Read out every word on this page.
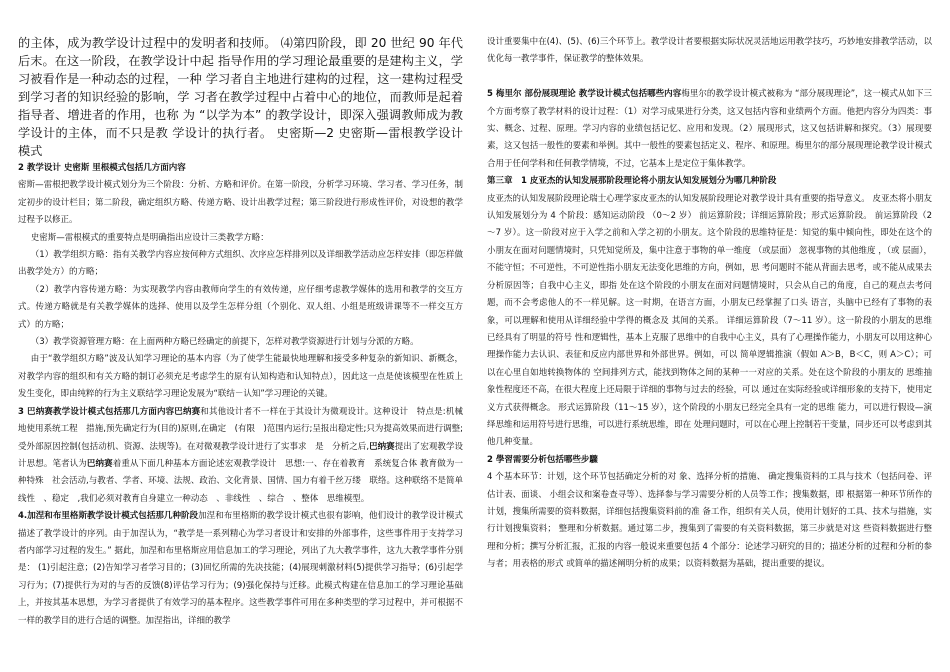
的主体，成为教学设计过程中的发明者和技师。 ⑷第四阶段，即 20 世纪 90 年代后末。在这一阶段，在教学设计中起 指导作用的学习理论最重要的是建构主义，学习被看作是一种动态的过程，一种 学习者自主地进行建构的过程，这一建构过程受到学习者的知识经验的影响，学 习者在教学过程中占着中心的地位，而教师是起着指导者、增进者的作用，也称 为 “以学为本” 的教学设计，即深入强调教师成为教学设计的主体，而不只是教 学设计的执行者。 史密斯—2 史密斯—雷根教学设计模式

2 教学设计 史密斯 里根模式包括几方面内容

密斯—雷根把教学设计模式划分为三个阶段：分析、方略和评价。在第一阶段，分析学习环境、学习者、学习任务，制定初步的设计栏目；第二阶段，确定组织方略、传递方略、设计出教学过程；第三阶段进行形成性评价，对设想的教学过程予以修正。

史密斯—雷根模式的重要特点是明确指出应设计三类教学方略：

（1）教学组织方略：指有关教学内容应按何种方式组织、次序应怎样排列以及详细教学活动应怎样安排（即怎样做出教学处方）的方略；

（2）教学内容传递方略：为实现教学内容由教师向学生的有效传递，应仔细考虑教学媒体的选用和教学的交互方式。传递方略就是有关教学媒体的选择、使用以及学生怎样分组（个别化、双人组、小组是班级讲课等不一样交互方式）的方略；

（3）教学资源管理方略：在上面两种方略已经确定的前提下，怎样对教学资源进行计划与分派的方略。

由于“教学组织方略”波及认知学习理论的基本内容（为了使学生能最快地理解和接受多种复杂的新知识、新概念，对教学内容的组织和有关方略的制订必须充足考虑学生的原有认知构造和认知特点），因此这一点是使该模型在性质上发生变化，即由纯粹的行为主义联结学习理论发展为“联结－认知”学习理论的关键。

3 巴纳赛教学设计模式包括那几方面内容巴纳赛和其他设计者不一样在于其设计为微观设计。这种设计　特点是:机械地使用系统工程　措施,预先确定行为(目的)原则,在确定　(有限　)范围内运行;呈报出稳定性;只为提高效果而进行调整;受外部原因控制(包括动机、资源、法规等)。在对微观教学设计进行了实事求　是　分析之后,巴纳赛提出了宏观教学设计思想。笔者认为巴纳赛着重从下面几种基本方面论述宏观教学设计　思想:一、存在着教育　系统复合体 教育做为一种特殊　社会活动,与教者、学者、环境、法规、政治、文化背景、国情、国力有着千丝万缕　联络。这种联络不是简单线性　、稳定　,我们必须对教育自身建立一种动态　、非线性　、综合　、整体　思维模型。

4.加涅和布里格斯教学设计模式包括那几种阶段加涅和布里格斯的教学设计模式也很有影响，他们设计的教学设计模式描述了教学设计的序列。由于加涅认为，“教学是一系列精心为学习者设计和安排的外部事件，这些事件用于支持学习者内部学习过程的发生。” 据此，加涅和布里格斯应用信息加工的学习理论，列出了九大教学事件，这九大教学事件分别是： (1)引起注意；(2)告知学习者学习目的；(3)回忆所需的先决技能；(4)展现刺激材料(5)提供学习指导；(6)引起学习行为；(7)提供行为对的与否的反馈(8)评估学习行为；(9)强化保持与迁移。此模式构建在信息加工的学习理论基础上，并按其基本思想，为学习者提供了有效学习的基本程序。这些教学事件可用在多种类型的学习过程中，并可根据不一样的教学目的进行合适的调整。加涅指出，详细的教学

设计重要集中在(4)、(5)、(6)三个环节上。教学设计者要根据实际状况灵活地运用教学技巧，巧妙地安排教学活动，以优化每一教学事件，保证教学的整体效果。

5 梅里尔 部份展现理论 教学设计模式包括哪些内容梅里尔的教学设计模式被称为 “部分展现理论”，这一模式从如下三个方面考察了教学材料的设计过程：（1）对学习成果进行分类，这又包括内容和业绩两个方面。他把内容分为四类：事实、概念、过程、原理。学习内容的业绩包括记忆、应用和发现。（2）展现形式，这又包括讲解和探究。（3）展现要素，这又包括一般性的要素和举例。其中一般性的要素包括定义、程序、和原理。梅里尔的部分展现理论教学设计模式合用于任何学科和任何教学情境，不过，它基本上是定位于集体教学。

第三章　1 皮亚杰的认知发展那阶段理论将小朋友认知发展划分为哪几种阶段

皮亚杰的认知发展阶段理论瑞士心理学家皮亚杰的认知发展阶段理论对教学设计具有重要的指导意义。 皮亚杰将小朋友认知发展划分为 4 个阶段：感知运动阶段 （0～2 岁） 前运算阶段；详细运算阶段；形式运算阶段。 前运算阶段（2～7 岁）。这一阶段对应于入学之前和入学之初的小朋友。这个阶段的思维特征是：知觉的集中倾向性，即处在这个的小朋友在面对问题情境时，只凭知觉所及，集中注意于事物的单一维度 （或层面） 忽视事物的其他维度 ，（或 层面），不能守恒；不可逆性，不可逆性指小朋友无法变化思维的方向，例如，思 考问题时不能从背面去思考，或不能从成果去分析原因等；自我中心主义，即指 处在这个阶段的小朋友在面对问题情境时，只会从自己的角度，自己的观点去考问 题，而不会考虑他人的不一样见解。这一时期，在语言方面，小朋友已经掌握了口头 语言，头脑中已经有了事物的表象，可以理解和使用从详细经验中学得的概念及 其间的关系。 详细运算阶段（7～11 岁）。这一阶段的小朋友的思维已经具有了明显的符号 性和逻辑性，基本上克服了思维中的自我中心主义，具有了心理操作能力，小朋友可以用这种心理操作能力去认识、表征和反应内部世界和外部世界。例如，可以 简单逻辑推演（假如 A＞B，B＜C，则 A＞C）；可以在心里自如地转换物体的 空间排列方式，能找到物体之间的某种一一对应的关系。处在这个阶段的小朋友的 思维抽象性程度还不高，在很大程度上还局限于详细的事物与过去的经验，可以 通过在实际经验或详细形象的支持下，使用定义方式获得概念。 形式运算阶段（11～15 岁），这个阶段的小朋友已经完全具有一定的思维 能力，可以进行假设—演绎思维和运用符号进行思维，可以进行系统思维，即在 处理问题时，可以在心理上控制若干变量，同步还可以考虑到其他几种变量。

2 學習需要分析包括哪些步驟

4 个基本环节：计划，这个环节包括确定分析的对 象、选择分析的措施、 确定搜集资料的工具与技术（包括问卷、评估计表、面谈、 小组会议和案卷查寻等）、选择参与学习需要分析的人员等工作；搜集数据，即 根据第一种环节所作的计划，搜集所需要的资料数据，详细包括搜集资料前的准 备工作，组织有关人员，使用计划好的工具、技术与措施，实行计划搜集资料； 整理和分析数据。通过第二步，搜集到了需要的有关资料数据，第三步就是对这 些资料数据进行整理和分析；撰写分析汇报，汇报的内容一般说来重要包括 4 个部分：论述学习研究的目的；描述分析的过程和分析的参与者；用表格的形式 或简单的描述阐明分析的成果；以资料数据为基础，提出重要的提议。
